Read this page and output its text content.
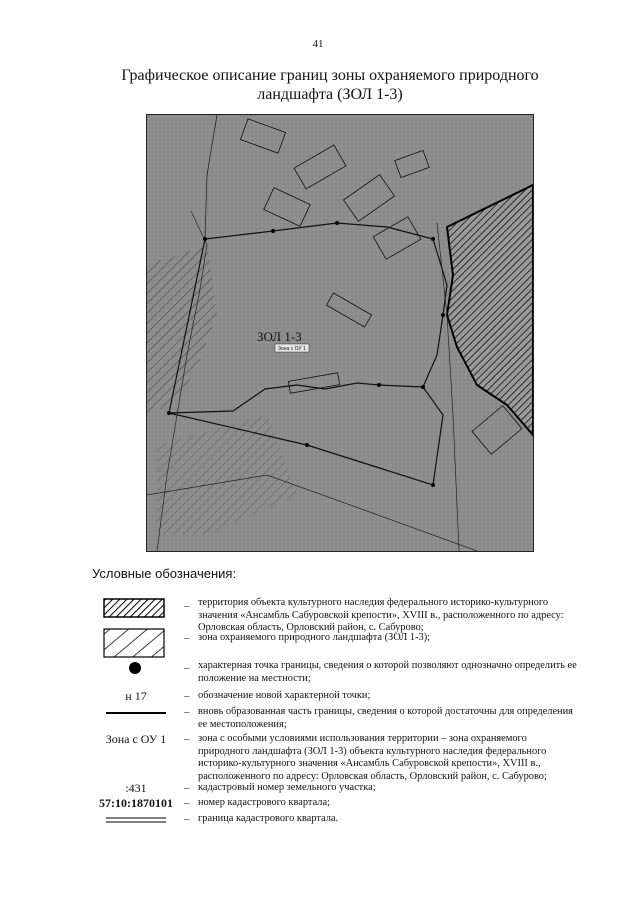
41
Графическое описание границ зоны охраняемого природного
ландшафта (ЗОЛ 1-3)
ЗОЛ 1-3
Зона с ОУ 1
Условные обозначения:
– территория объекта культурного наследия федерального историко-культурного значения «Ансамбль Сабуровской крепости», XVIII в., расположенного по адресу: Орловская область, Орловский район, с. Сабурово;
– зона охраняемого природного ландшафта (ЗОЛ 1-3);
– характерная точка границы, сведения о которой позволяют однозначно определить ее положение на местности;
н 17	– обозначение новой характерной точки;
– вновь образованная часть границы, сведения о которой достаточны для определения ее местоположения;
Зона с ОУ 1	– зона с особыми условиями использования территории – зона охраняемого природного ландшафта (ЗОЛ 1-3) объекта культурного наследия федерального историко-культурного значения «Ансамбль Сабуровской крепости», XVIII в., расположенного по адресу: Орловская область, Орловский район, с. Сабурово;
:431	– кадастровый номер земельного участка;
57:10:1870101	– номер кадастрового квартала;
– граница кадастрового квартала.
